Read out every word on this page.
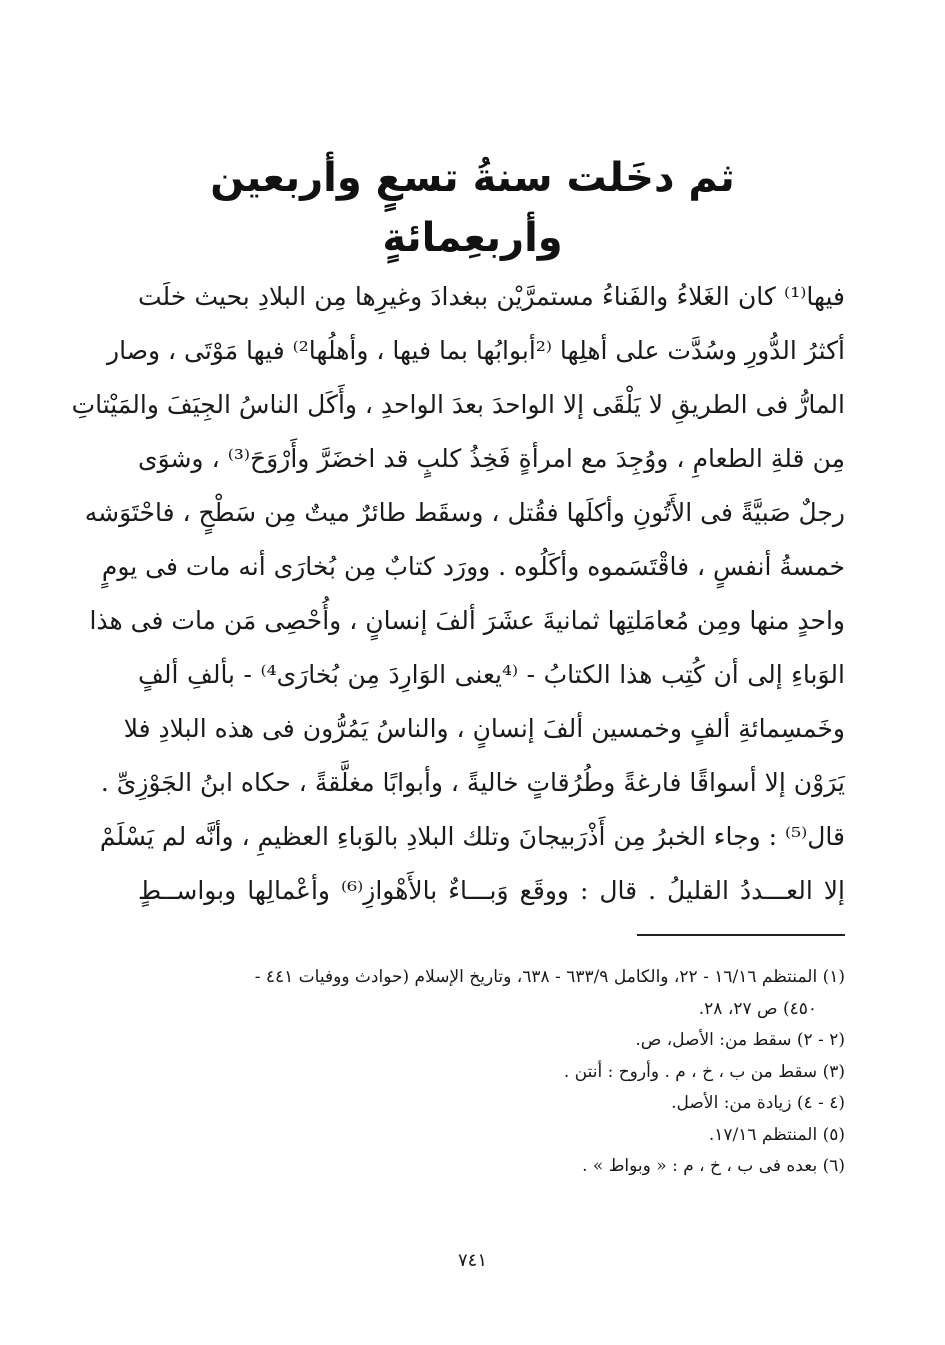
ثم دخَلت سنةُ تسعٍ وأربعين وأربعِمائةٍ
فيها⁽¹⁾ كان الغَلاءُ والفَناءُ مستمرَّيْن ببغدادَ وغيرِها مِن البلادِ بحيث خلَت
أكثرُ الدُّورِ وسُدَّت على أهلِها ⁽²أبوابُها بما فيها ، وأهلُها²⁾ فيها مَوْتَى ، وصار
المارُّ فى الطريقِ لا يَلْقَى إلا الواحدَ بعدَ الواحدِ ، وأَكَل الناسُ الجِيَفَ والمَيْتاتِ
مِن قلةِ الطعامِ ، ووُجِدَ مع امرأةٍ فَخِذُ كلبٍ قد اخضَرَّ وأَرْوَحَ⁽³⁾ ، وشوَى
رجلٌ صَبيَّةً فى الأَتُونِ وأكلَها فقُتل ، وسقَط طائرٌ ميتٌ مِن سَطْحٍ ، فاحْتَوَشه
خمسةُ أنفسٍ ، فاقْتَسَموه وأكَلُوه . وورَد كتابٌ مِن بُخارَى أنه مات فى يومٍ
واحدٍ منها ومِن مُعامَلتِها ثمانيةَ عشَرَ ألفَ إنسانٍ ، وأُحْصِى مَن مات فى هذا
الوَباءِ إلى أن كُتِب هذا الكتابُ - ⁽⁴يعنى الوَارِدَ مِن بُخارَى⁴⁾ - بألفِ ألفٍ
وخَمسِمائةِ ألفٍ وخمسين ألفَ إنسانٍ ، والناسُ يَمُرُّون فى هذه البلادِ فلا
يَرَوْن إلا أسواقًا فارغةً وطُرُقاتٍ خاليةً ، وأبوابًا مغلَّقةً ، حكاه ابنُ الجَوْزِىِّ .
قال⁽⁵⁾ : وجاء الخبرُ مِن أَذْرَبيجانَ وتلك البلادِ بالوَباءِ العظيمِ ، وأنَّه لم يَسْلَمْ
إلا العـــددُ القليلُ . قال : ووقَع وَبـــاءٌ بالأَهْوازِ⁽⁶⁾ وأعْمالِها وبواســطٍ
(١) المنتظم ١٦/١٦ - ٢٢، والكامل ٦٣٣/٩ - ٦٣٨، وتاريخ الإسلام (حوادث ووفيات ٤٤١ -
٤٥٠) ص ٢٧، ٢٨.
(٢ - ٢) سقط من: الأصل، ص.
(٣) سقط من ب ، خ ، م . وأروح : أنتن .
(٤ - ٤) زيادة من: الأصل.
(٥) المنتظم ١٧/١٦.
(٦) بعده فى ب ، خ ، م : « وبواط » .
٧٤١
